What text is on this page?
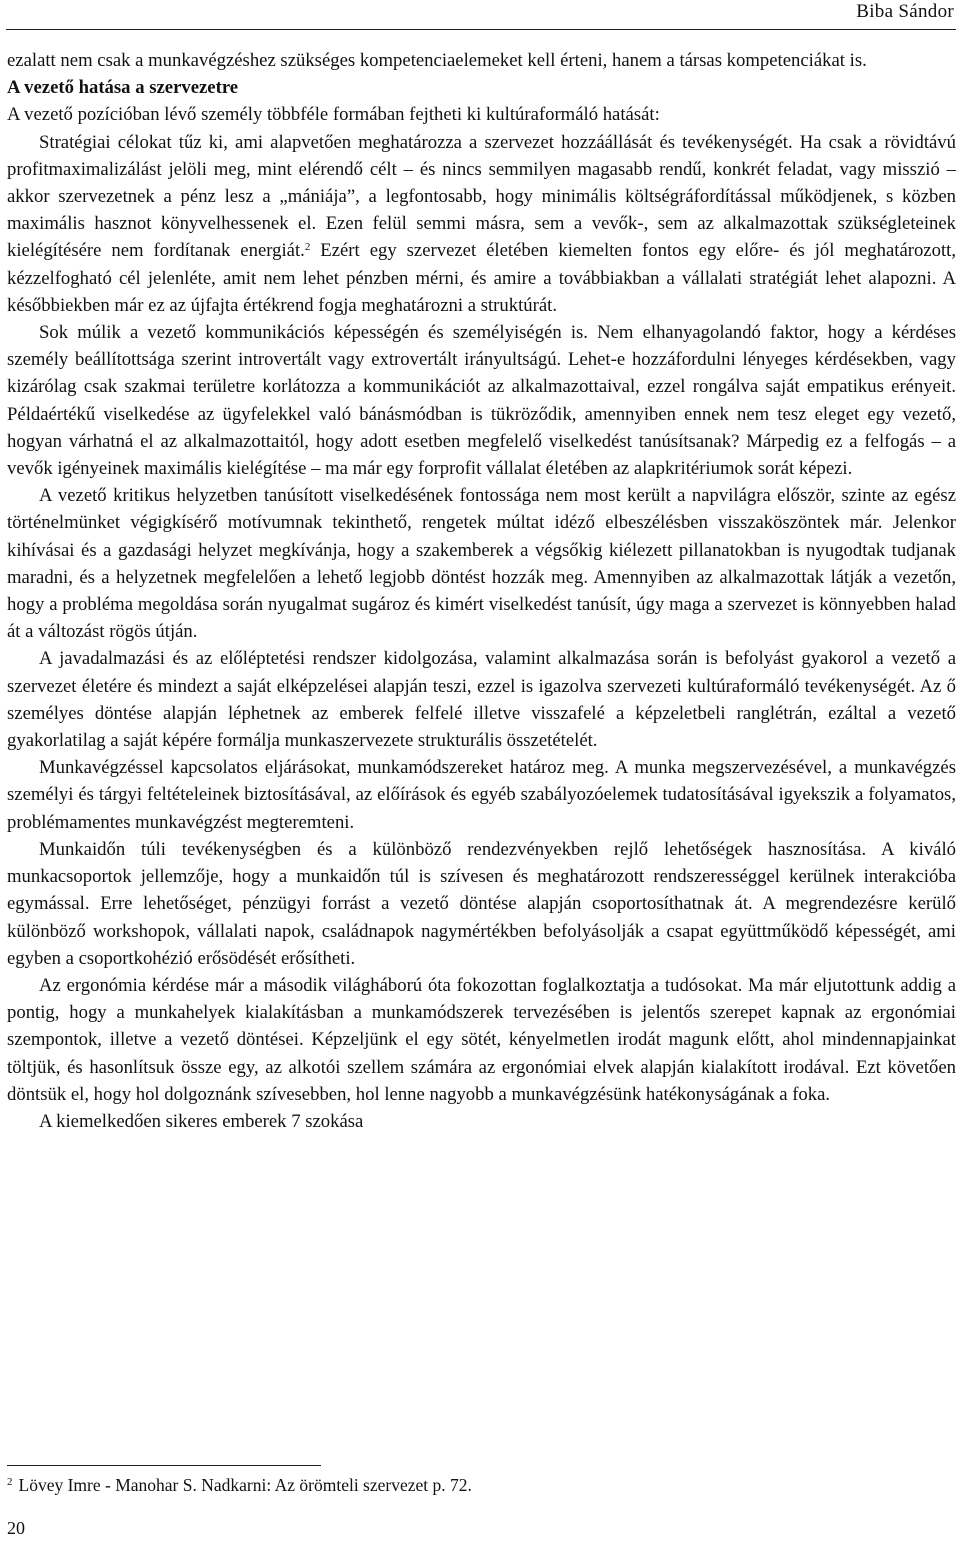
Biba Sándor

ezalatt nem csak a munkavégzéshez szükséges kompetenciaelemeket kell érteni, hanem a társas kompetenciákat is.

A vezető hatása a szervezetre

A vezető pozícióban lévő személy többféle formában fejtheti ki kultúraformáló hatását:

Stratégiai célokat tűz ki, ami alapvetően meghatározza a szervezet hozzáállását és tevékenységét. Ha csak a rövidtávú profitmaximalizálást jelöli meg, mint elérendő célt – és nincs semmilyen magasabb rendű, konkrét feladat, vagy misszió – akkor szervezetnek a pénz lesz a „mániája”, a legfontosabb, hogy minimális költségráfordítással működjenek, s közben maximális hasznot könyvelhessenek el. Ezen felül semmi másra, sem a vevők-, sem az alkalmazottak szükségleteinek kielégítésére nem fordítanak energiát.$^2$ Ezért egy szervezet életében kiemelten fontos egy előre- és jól meghatározott, kézzelfogható cél jelenléte, amit nem lehet pénzben mérni, és amire a továbbiakban a vállalati stratégiát lehet alapozni. A későbbiekben már ez az újfajta értékrend fogja meghatározni a struktúrát.

Sok múlik a vezető kommunikációs képességén és személyiségén is. Nem elhanyagolandó faktor, hogy a kérdéses személy beállítottsága szerint introvertált vagy extrovertált irányultságú. Lehet-e hozzáfordulni lényeges kérdésekben, vagy kizárólag csak szakmai területre korlátozza a kommunikációt az alkalmazottaival, ezzel rongálva saját empatikus erényeit. Példaértékű viselkedése az ügyfelekkel való bánásmódban is tükröződik, amennyiben ennek nem tesz eleget egy vezető, hogyan várhatná el az alkalmazottaitól, hogy adott esetben megfelelő viselkedést tanúsítsanak? Márpedig ez a felfogás – a vevők igényeinek maximális kielégítése – ma már egy forprofit vállalat életében az alapkritériumok sorát képezi.

A vezető kritikus helyzetben tanúsított viselkedésének fontossága nem most került a napvilágra először, szinte az egész történelmünket végigkísérő motívumnak tekinthető, rengetek múltat idéző elbeszélésben visszaköszöntek már. Jelenkor kihívásai és a gazdasági helyzet megkívánja, hogy a szakemberek a végsőkig kiélezett pillanatokban is nyugodtak tudjanak maradni, és a helyzetnek megfelelően a lehető legjobb döntést hozzák meg. Amennyiben az alkalmazottak látják a vezetőn, hogy a probléma megoldása során nyugalmat sugároz és kimért viselkedést tanúsít, úgy maga a szervezet is könnyebben halad át a változást rögös útján.

A javadalmazási és az előléptetési rendszer kidolgozása, valamint alkalmazása során is befolyást gyakorol a vezető a szervezet életére és mindezt a saját elképzelései alapján teszi, ezzel is igazolva szervezeti kultúraformáló tevékenységét. Az ő személyes döntése alapján léphetnek az emberek felfelé illetve visszafelé a képzeletbeli ranglétrán, ezáltal a vezető gyakorlatilag a saját képére formálja munkaszervezete strukturális összetételét.

Munkavégzéssel kapcsolatos eljárásokat, munkamódszereket határoz meg. A munka megszervezésével, a munkavégzés személyi és tárgyi feltételeinek biztosításával, az előírások és egyéb szabályozóelemek tudatosításával igyekszik a folyamatos, problémamentes munkavégzést megteremteni.

Munkaidőn túli tevékenységben és a különböző rendezvényekben rejlő lehetőségek hasznosítása. A kiváló munkacsoportok jellemzője, hogy a munkaidőn túl is szívesen és meghatározott rendszerességgel kerülnek interakcióba egymással. Erre lehetőséget, pénzügyi forrást a vezető döntése alapján csoportosíthatnak át. A megrendezésre kerülő különböző workshopok, vállalati napok, családnapok nagymértékben befolyásolják a csapat együttműködő képességét, ami egyben a csoportkohézió erősödését erősítheti.

Az ergonómia kérdése már a második világháború óta fokozottan foglalkoztatja a tudósokat. Ma már eljutottunk addig a pontig, hogy a munkahelyek kialakításban a munkamódszerek tervezésében is jelentős szerepet kapnak az ergonómiai szempontok, illetve a vezető döntései. Képzeljünk el egy sötét, kényelmetlen irodát magunk előtt, ahol mindennapjainkat töltjük, és hasonlítsuk össze egy, az alkotói szellem számára az ergonómiai elvek alapján kialakított irodával. Ezt követően döntsük el, hogy hol dolgoznánk szívesebben, hol lenne nagyobb a munkavégzésünk hatékonyságának a foka.

A kiemelkedően sikeres emberek 7 szokása

$^2$ Lövey Imre - Manohar S. Nadkarni: Az örömteli szervezet p. 72.
20
